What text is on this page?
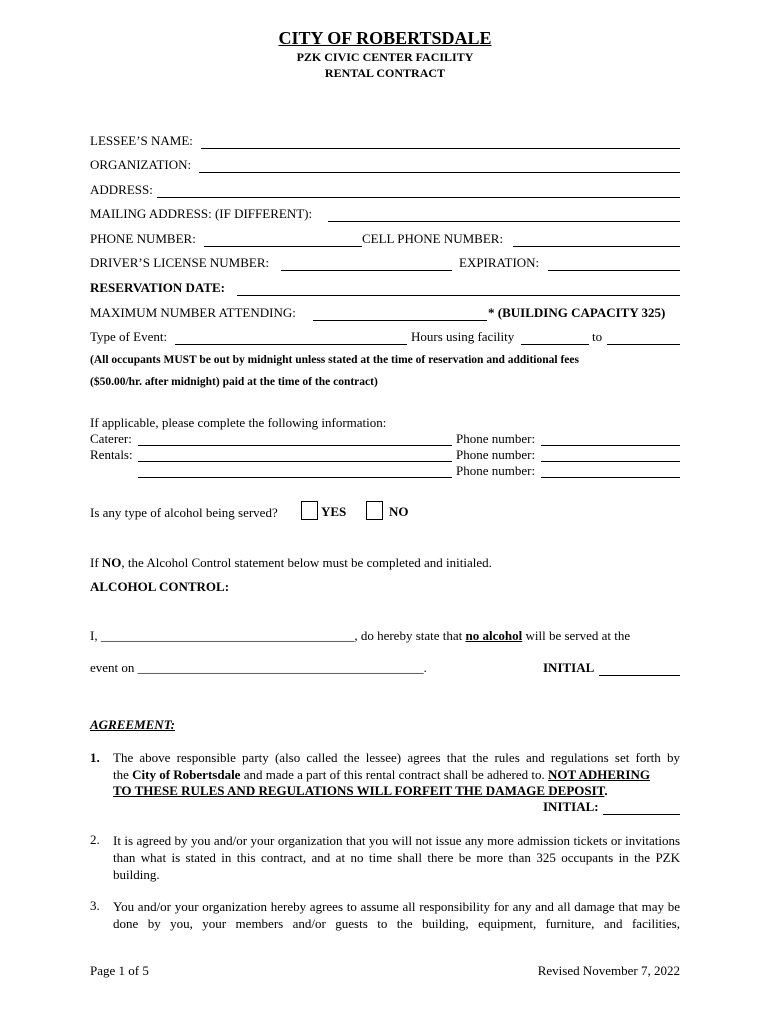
CITY OF ROBERTSDALE
PZK CIVIC CENTER FACILITY
RENTAL CONTRACT
LESSEE’S NAME:
ORGANIZATION:
ADDRESS:
MAILING ADDRESS: (IF DIFFERENT):
PHONE NUMBER:	CELL PHONE NUMBER:
DRIVER’S LICENSE NUMBER:	EXPIRATION:
RESERVATION DATE:
MAXIMUM NUMBER ATTENDING:	* (BUILDING CAPACITY 325)
Type of Event:	Hours using facility	to
(All occupants MUST be out by midnight unless stated at the time of reservation and additional fees
($50.00/hr. after midnight) paid at the time of the contract)
If applicable, please complete the following information:
Caterer:	Phone number:
Rentals:	Phone number:
Phone number:
Is any type of alcohol being served?	YES	NO
If NO, the Alcohol Control statement below must be completed and initialed.
ALCOHOL CONTROL:
I, _______________________________________, do hereby state that no alcohol will be served at the
event on ____________________________________________.	INITIAL
AGREEMENT:
1. The above responsible party (also called the lessee) agrees that the rules and regulations set forth by
the City of Robertsdale and made a part of this rental contract shall be adhered to. NOT ADHERING
TO THESE RULES AND REGULATIONS WILL FORFEIT THE DAMAGE DEPOSIT.
INITIAL:
2. It is agreed by you and/or your organization that you will not issue any more admission tickets or invitations than what is stated in this contract, and at no time shall there be more than 325 occupants in the PZK building.
3. You and/or your organization hereby agrees to assume all responsibility for any and all damage that may be done by you, your members and/or guests to the building, equipment, furniture, and facilities,
Page 1 of 5	Revised November 7, 2022
